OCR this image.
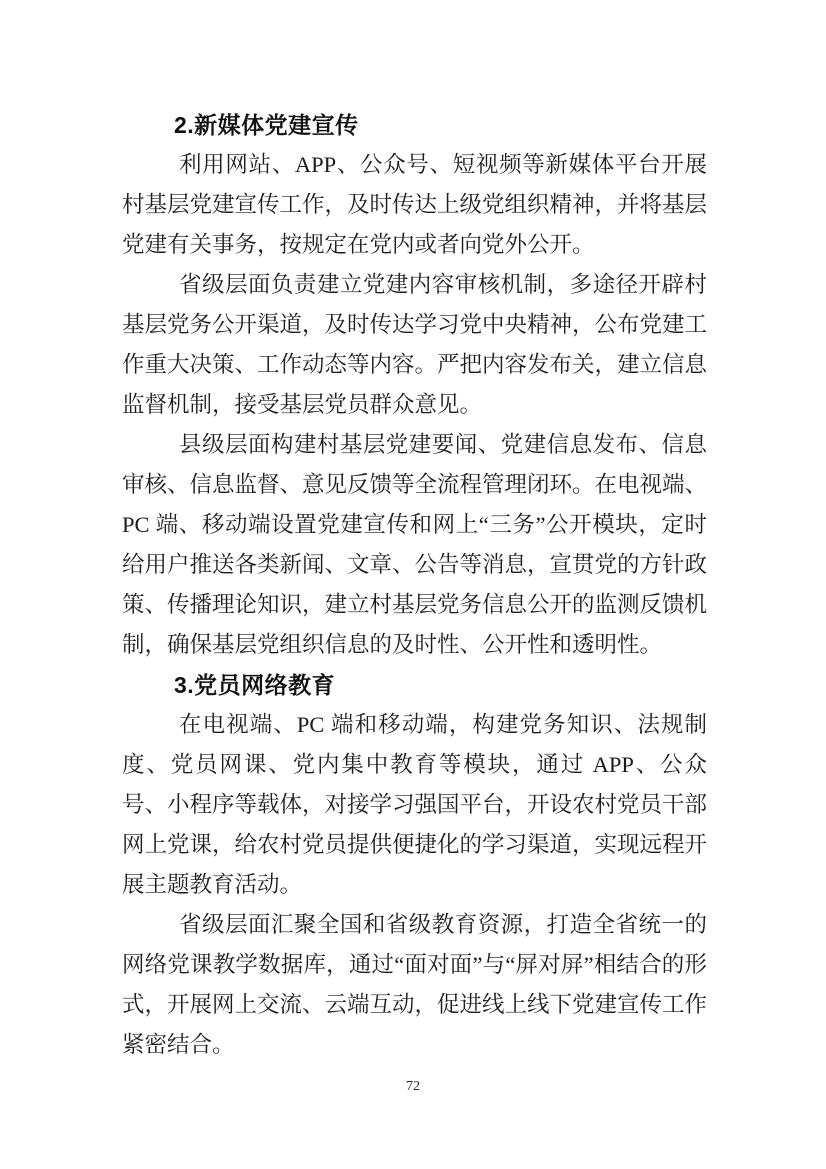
2.新媒体党建宣传

利用网站、APP、公众号、短视频等新媒体平台开展村基层党建宣传工作，及时传达上级党组织精神，并将基层党建有关事务，按规定在党内或者向党外公开。

省级层面负责建立党建内容审核机制，多途径开辟村基层党务公开渠道，及时传达学习党中央精神，公布党建工作重大决策、工作动态等内容。严把内容发布关，建立信息监督机制，接受基层党员群众意见。

县级层面构建村基层党建要闻、党建信息发布、信息审核、信息监督、意见反馈等全流程管理闭环。在电视端、PC 端、移动端设置党建宣传和网上“三务”公开模块，定时给用户推送各类新闻、文章、公告等消息，宣贯党的方针政策、传播理论知识，建立村基层党务信息公开的监测反馈机制，确保基层党组织信息的及时性、公开性和透明性。

3.党员网络教育

在电视端、PC 端和移动端，构建党务知识、法规制度、党员网课、党内集中教育等模块，通过 APP、公众号、小程序等载体，对接学习强国平台，开设农村党员干部网上党课，给农村党员提供便捷化的学习渠道，实现远程开展主题教育活动。

省级层面汇聚全国和省级教育资源，打造全省统一的网络党课教学数据库，通过“面对面”与“屏对屏”相结合的形式，开展网上交流、云端互动，促进线上线下党建宣传工作紧密结合。

72
